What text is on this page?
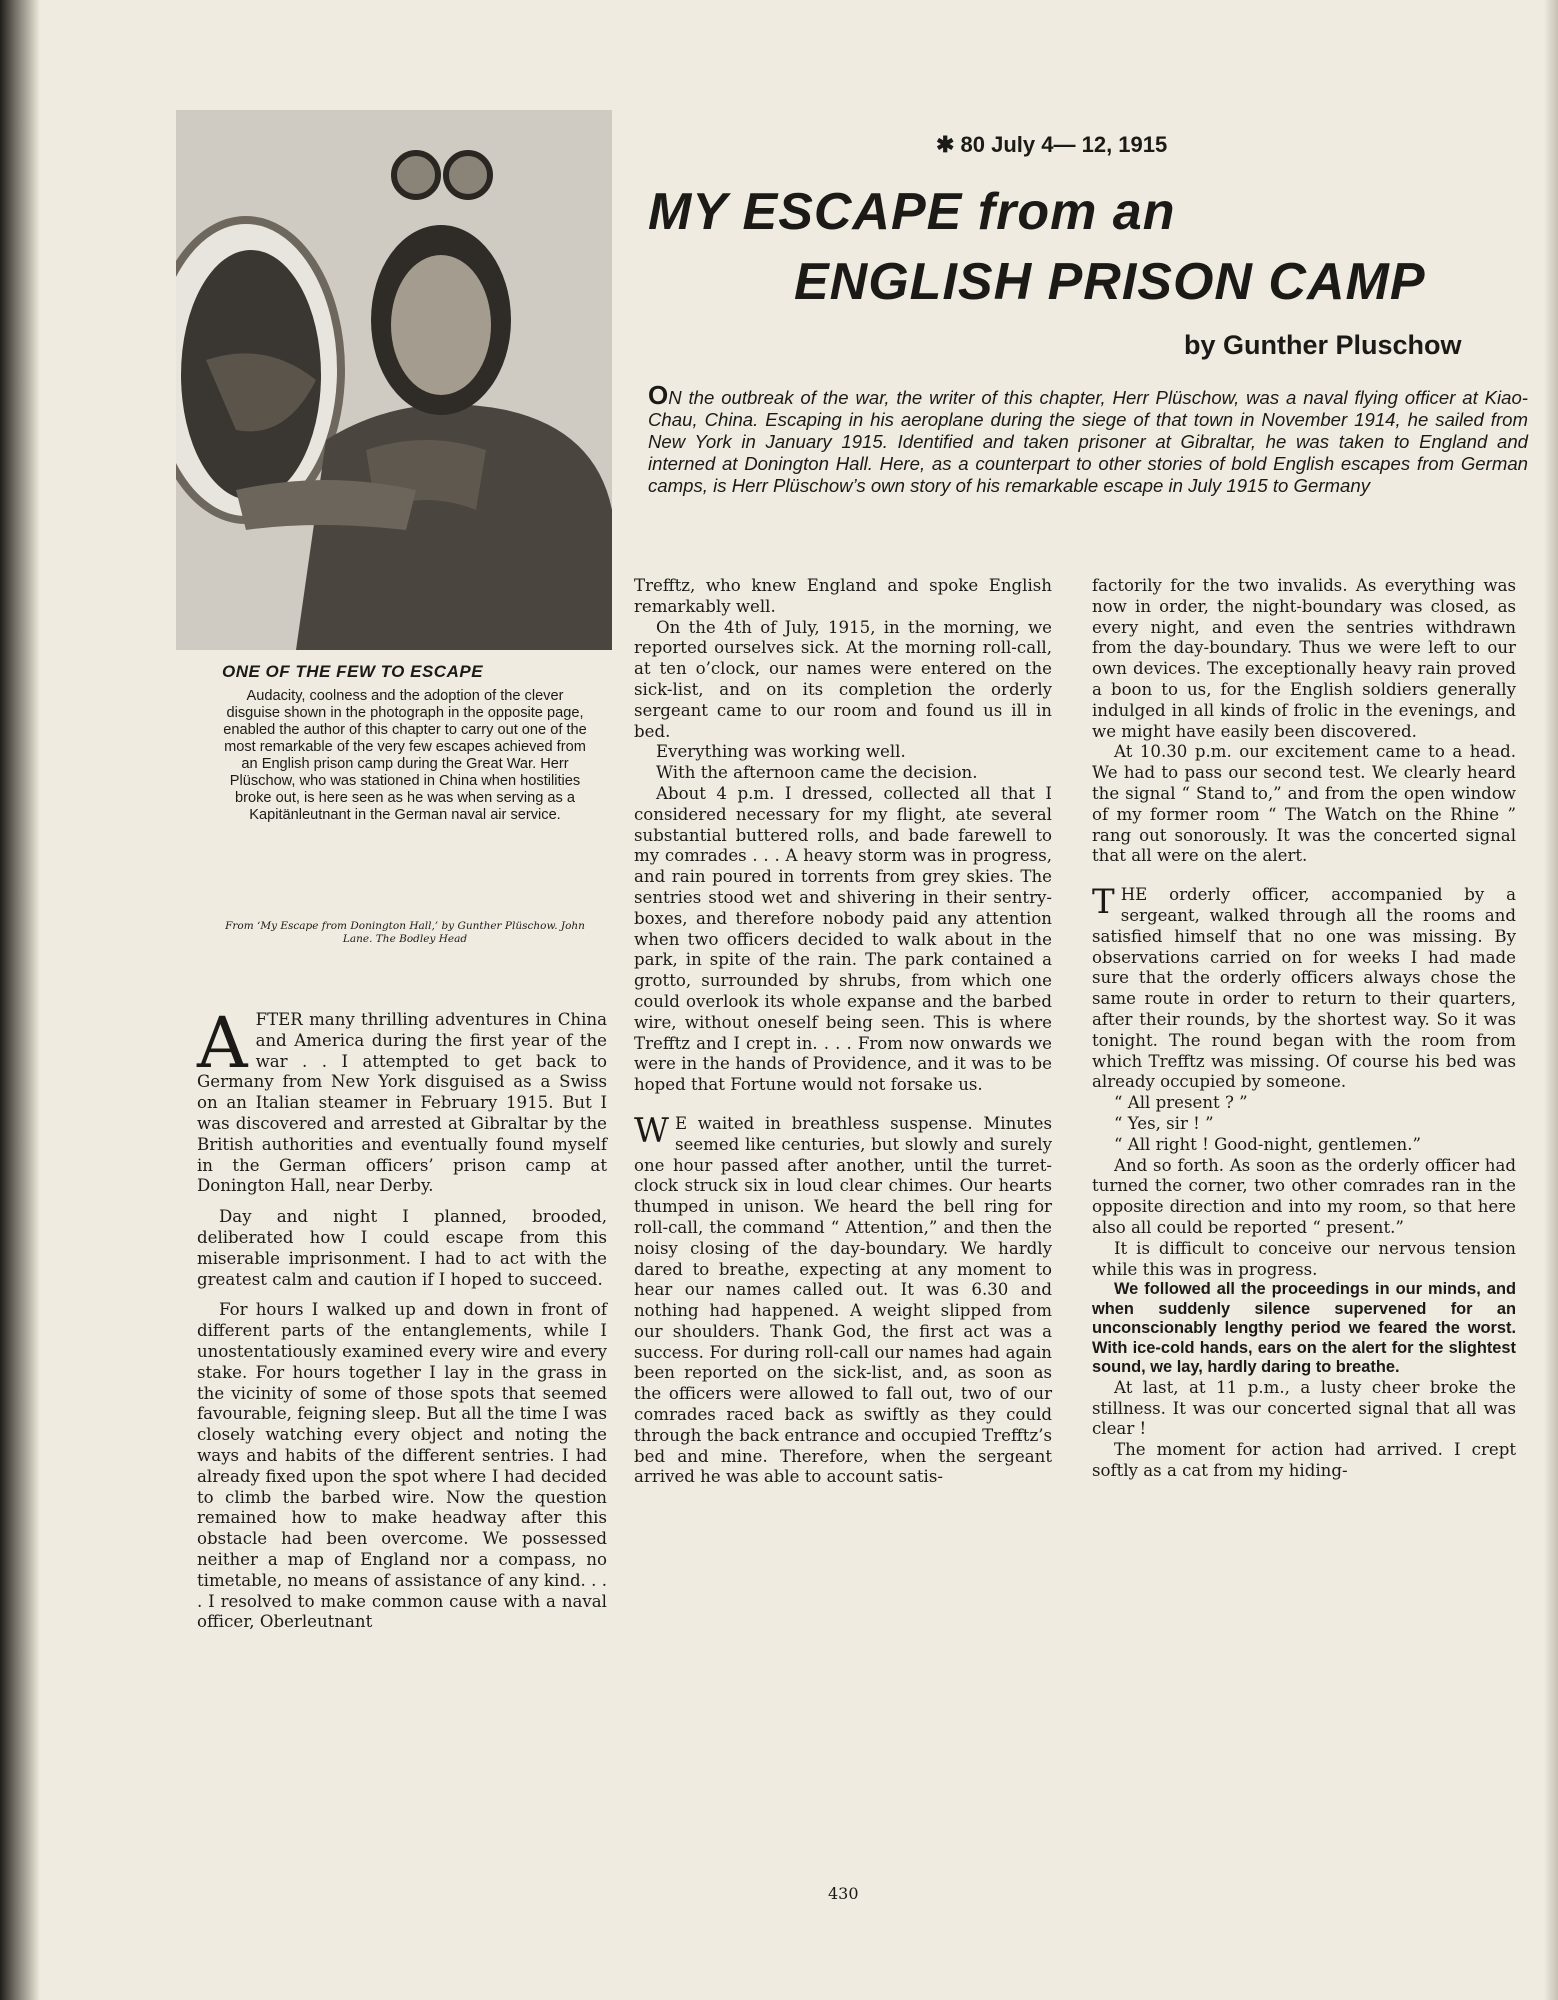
ONE OF THE FEW TO ESCAPE

Audacity, coolness and the adoption of the clever disguise shown in the photograph in the opposite page, enabled the author of this chapter to carry out one of the most remarkable of the very few escapes achieved from an English prison camp during the Great War. Herr Plüschow, who was stationed in China when hostilities broke out, is here seen as he was when serving as a Kapitänleutnant in the German naval air service.

From ‘My Escape from Donington Hall,’ by Gunther Plüschow. John Lane. The Bodley Head
✱ 80 July 4— 12, 1915
MY ESCAPE from an
ENGLISH PRISON CAMP
by Gunther Pluschow

ON the outbreak of the war, the writer of this chapter, Herr Plüschow, was a naval flying officer at Kiao-Chau, China. Escaping in his aeroplane during the siege of that town in November 1914, he sailed from New York in January 1915. Identified and taken prisoner at Gibraltar, he was taken to England and interned at Donington Hall. Here, as a counterpart to other stories of bold English escapes from German camps, is Herr Plüschow’s own story of his remarkable escape in July 1915 to Germany

AFTER many thrilling adventures in China and America during the first year of the war . . I attempted to get back to Germany from New York disguised as a Swiss on an Italian steamer in February 1915. But I was discovered and arrested at Gibraltar by the British authorities and eventually found myself in the German officers’ prison camp at Donington Hall, near Derby.

Day and night I planned, brooded, deliberated how I could escape from this miserable imprisonment. I had to act with the greatest calm and caution if I hoped to succeed.

For hours I walked up and down in front of different parts of the entanglements, while I unostentatiously examined every wire and every stake. For hours together I lay in the grass in the vicinity of some of those spots that seemed favourable, feigning sleep. But all the time I was closely watching every object and noting the ways and habits of the different sentries. I had already fixed upon the spot where I had decided to climb the barbed wire. Now the question remained how to make headway after this obstacle had been overcome. We possessed neither a map of England nor a compass, no timetable, no means of assistance of any kind. . . . I resolved to make common cause with a naval officer, Oberleutnant

Trefftz, who knew England and spoke English remarkably well.

On the 4th of July, 1915, in the morning, we reported ourselves sick. At the morning roll-call, at ten o’clock, our names were entered on the sick-list, and on its completion the orderly sergeant came to our room and found us ill in bed.

Everything was working well.

With the afternoon came the decision.

About 4 p.m. I dressed, collected all that I considered necessary for my flight, ate several substantial buttered rolls, and bade farewell to my comrades . . . A heavy storm was in progress, and rain poured in torrents from grey skies. The sentries stood wet and shivering in their sentry-boxes, and therefore nobody paid any attention when two officers decided to walk about in the park, in spite of the rain. The park contained a grotto, surrounded by shrubs, from which one could overlook its whole expanse and the barbed wire, without oneself being seen. This is where Trefftz and I crept in. . . . From now onwards we were in the hands of Providence, and it was to be hoped that Fortune would not forsake us.

W E waited in breathless suspense. Minutes seemed like centuries, but slowly and surely one hour passed after another, until the turret-clock struck six in loud clear chimes. Our hearts thumped in unison. We heard the bell ring for roll-call, the command “ Attention,” and then the noisy closing of the day-boundary. We hardly dared to breathe, expecting at any moment to hear our names called out. It was 6.30 and nothing had happened. A weight slipped from our shoulders. Thank God, the first act was a success. For during roll-call our names had again been reported on the sick-list, and, as soon as the officers were allowed to fall out, two of our comrades raced back as swiftly as they could through the back entrance and occupied Trefftz’s bed and mine. Therefore, when the sergeant arrived he was able to account satis-

factorily for the two invalids. As everything was now in order, the night-boundary was closed, as every night, and even the sentries withdrawn from the day-boundary. Thus we were left to our own devices. The exceptionally heavy rain proved a boon to us, for the English soldiers generally indulged in all kinds of frolic in the evenings, and we might have easily been discovered.

At 10.30 p.m. our excitement came to a head. We had to pass our second test. We clearly heard the signal “ Stand to,” and from the open window of my former room “ The Watch on the Rhine ” rang out sonorously. It was the concerted signal that all were on the alert.

THE orderly officer, accompanied by a sergeant, walked through all the rooms and satisfied himself that no one was missing. By observations carried on for weeks I had made sure that the orderly officers always chose the same route in order to return to their quarters, after their rounds, by the shortest way. So it was tonight. The round began with the room from which Trefftz was missing. Of course his bed was already occupied by someone.

“ All present ? ”

“ Yes, sir ! ”

“ All right ! Good-night, gentlemen.”

And so forth. As soon as the orderly officer had turned the corner, two other comrades ran in the opposite direction and into my room, so that here also all could be reported “ present.”

It is difficult to conceive our nervous tension while this was in progress.

We followed all the proceedings in our minds, and when suddenly silence supervened for an unconscionably lengthy period we feared the worst. With ice-cold hands, ears on the alert for the slightest sound, we lay, hardly daring to breathe.

At last, at 11 p.m., a lusty cheer broke the stillness. It was our concerted signal that all was clear !

The moment for action had arrived. I crept softly as a cat from my hiding-

430
